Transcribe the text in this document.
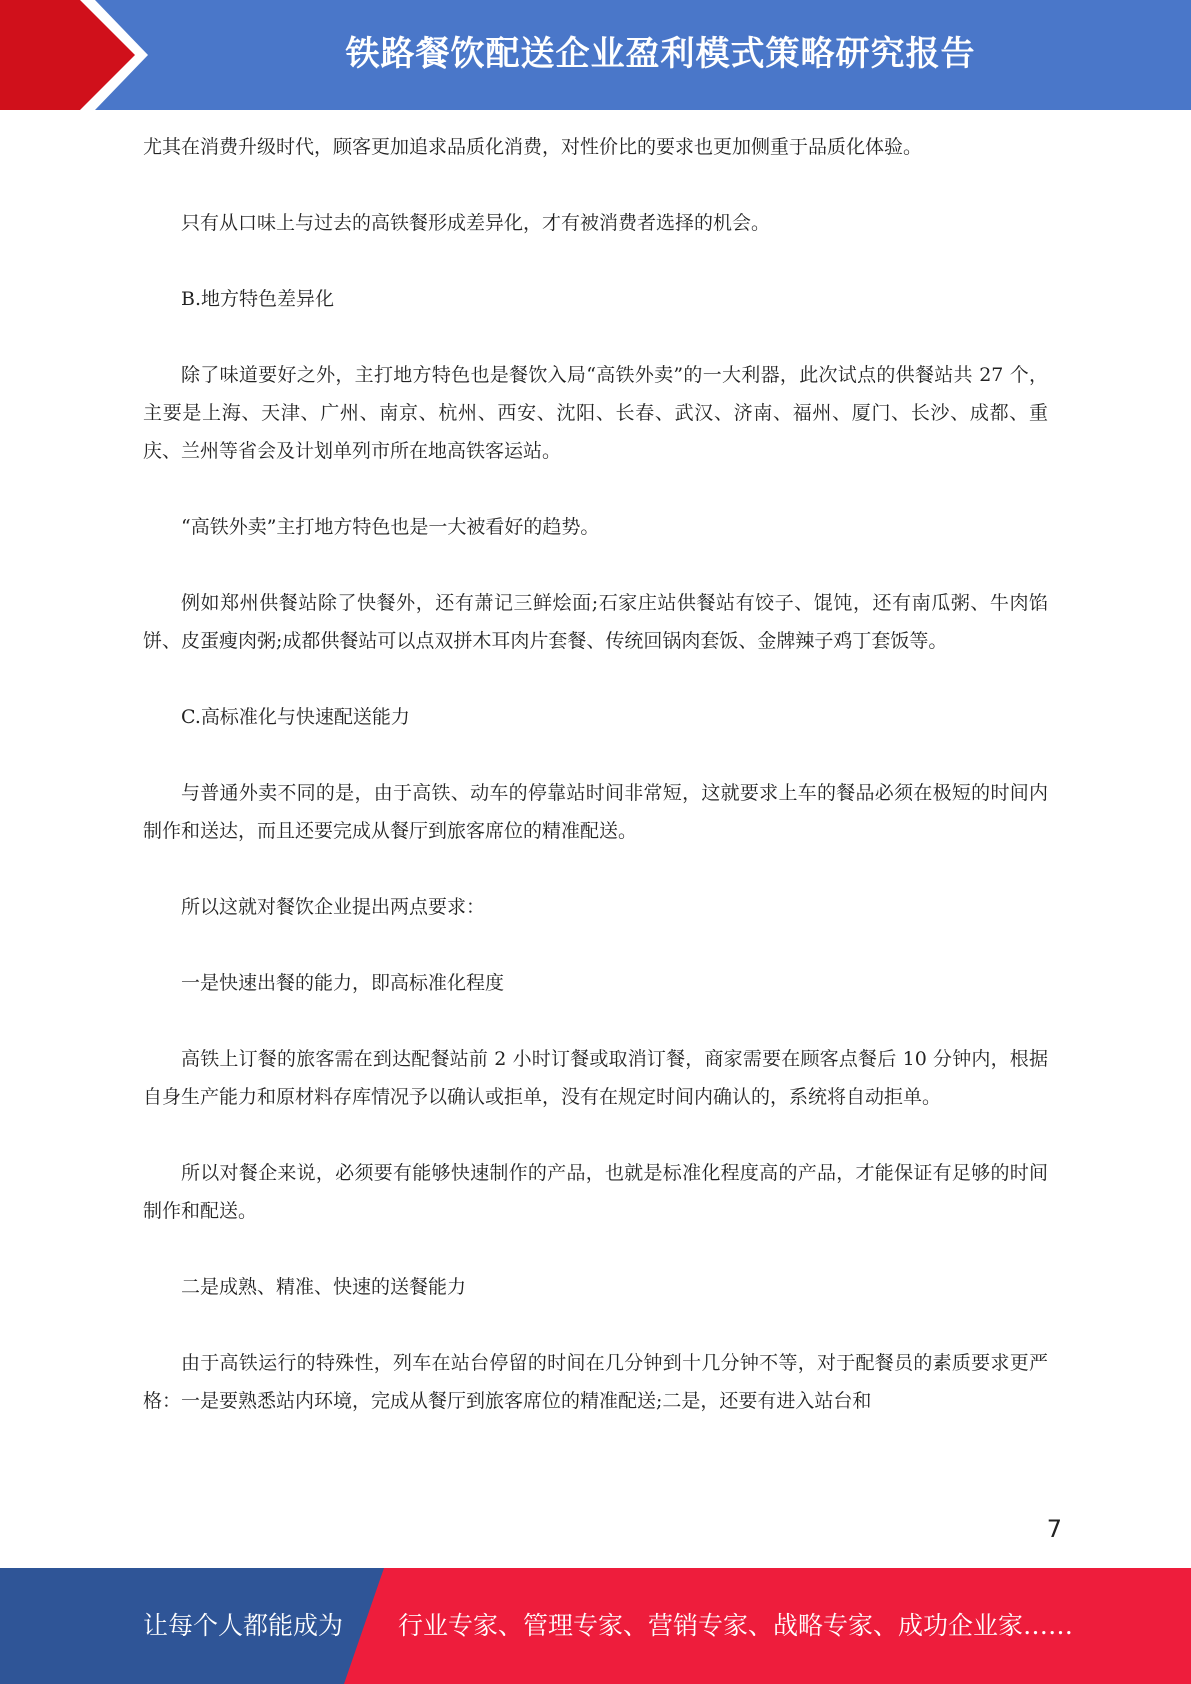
铁路餐饮配送企业盈利模式策略研究报告

尤其在消费升级时代，顾客更加追求品质化消费，对性价比的要求也更加侧重于品质化体验。

只有从口味上与过去的高铁餐形成差异化，才有被消费者选择的机会。

B.地方特色差异化

除了味道要好之外，主打地方特色也是餐饮入局“高铁外卖”的一大利器，此次试点的供餐站共 27 个，主要是上海、天津、广州、南京、杭州、西安、沈阳、长春、武汉、济南、福州、厦门、长沙、成都、重庆、兰州等省会及计划单列市所在地高铁客运站。

“高铁外卖”主打地方特色也是一大被看好的趋势。

例如郑州供餐站除了快餐外，还有萧记三鲜烩面;石家庄站供餐站有饺子、馄饨，还有南瓜粥、牛肉馅饼、皮蛋瘦肉粥;成都供餐站可以点双拼木耳肉片套餐、传统回锅肉套饭、金牌辣子鸡丁套饭等。

C.高标准化与快速配送能力

与普通外卖不同的是，由于高铁、动车的停靠站时间非常短，这就要求上车的餐品必须在极短的时间内制作和送达，而且还要完成从餐厅到旅客席位的精准配送。

所以这就对餐饮企业提出两点要求：

一是快速出餐的能力，即高标准化程度

高铁上订餐的旅客需在到达配餐站前 2 小时订餐或取消订餐，商家需要在顾客点餐后 10 分钟内，根据自身生产能力和原材料存库情况予以确认或拒单，没有在规定时间内确认的，系统将自动拒单。

所以对餐企来说，必须要有能够快速制作的产品，也就是标准化程度高的产品，才能保证有足够的时间制作和配送。

二是成熟、精准、快速的送餐能力

由于高铁运行的特殊性，列车在站台停留的时间在几分钟到十几分钟不等，对于配餐员的素质要求更严格：一是要熟悉站内环境，完成从餐厅到旅客席位的精准配送;二是，还要有进入站台和

7
让每个人都能成为 行业专家、管理专家、营销专家、战略专家、成功企业家……
